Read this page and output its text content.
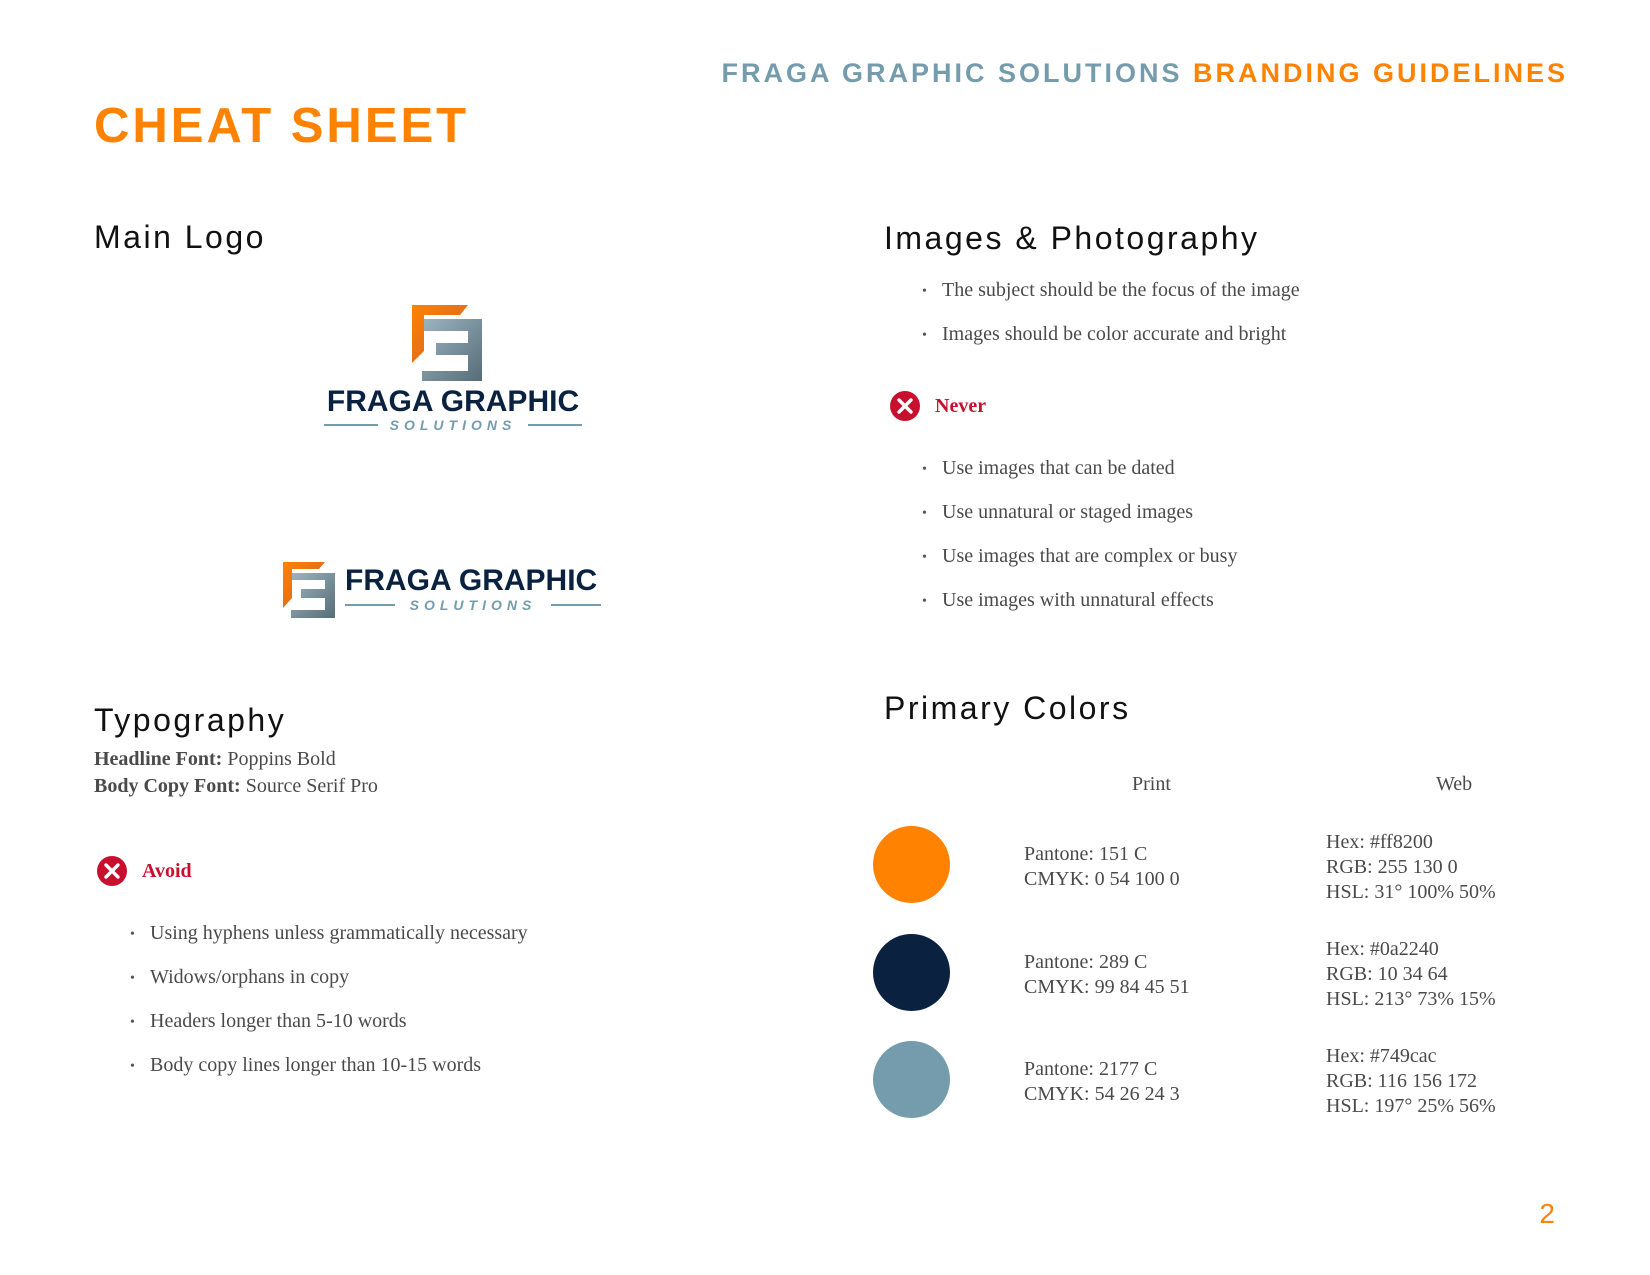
FRAGA GRAPHIC SOLUTIONS BRANDING GUIDELINES
CHEAT SHEET
Main Logo
FRAGA GRAPHIC
SOLUTIONS
FRAGA GRAPHIC
SOLUTIONS
Typography
Headline Font: Poppins Bold
Body Copy Font: Source Serif Pro
Avoid
• Using hyphens unless grammatically necessary
• Widows/orphans in copy
• Headers longer than 5-10 words
• Body copy lines longer than 10-15 words
Images & Photography
• The subject should be the focus of the image
• Images should be color accurate and bright
Never
• Use images that can be dated
• Use unnatural or staged images
• Use images that are complex or busy
• Use images with unnatural effects
Primary Colors
Print	Web
Pantone: 151 C
CMYK: 0 54 100 0
Hex: #ff8200
RGB: 255 130 0
HSL: 31° 100% 50%
Pantone: 289 C
CMYK: 99 84 45 51
Hex: #0a2240
RGB: 10 34 64
HSL: 213° 73% 15%
Pantone: 2177 C
CMYK: 54 26 24 3
Hex: #749cac
RGB: 116 156 172
HSL: 197° 25% 56%
2
